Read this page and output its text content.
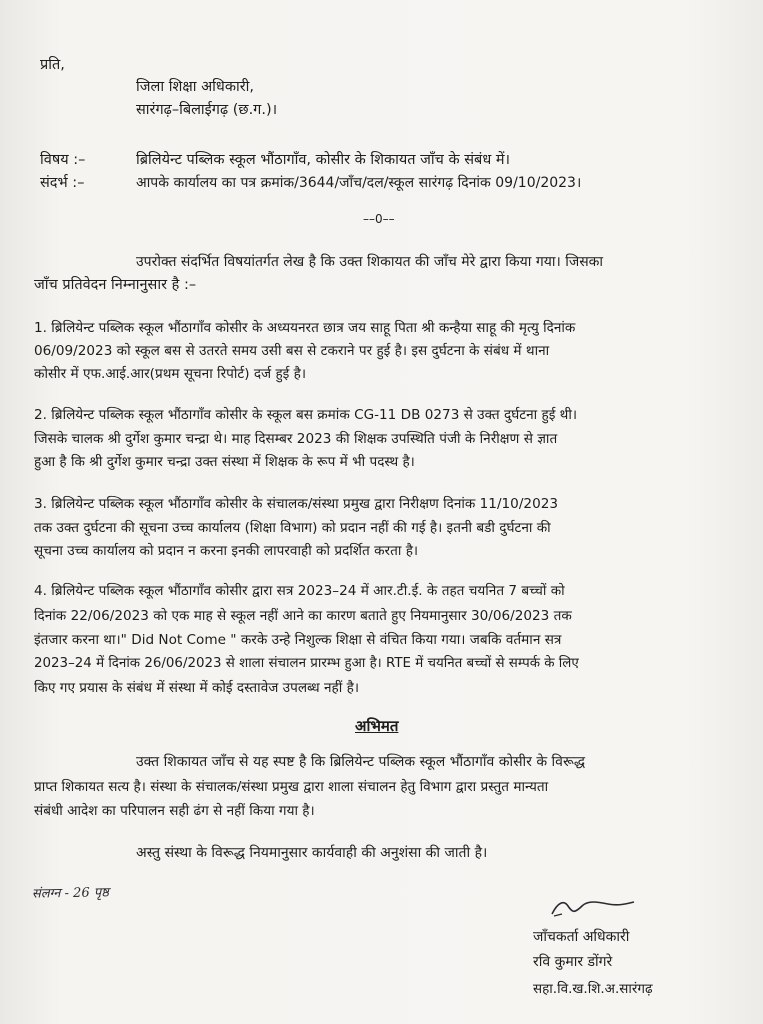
प्रति,
जिला शिक्षा अधिकारी,
सारंगढ़–बिलाईगढ़ (छ.ग.)।
विषय :–	ब्रिलियेन्ट पब्लिक स्कूल भौंठागाँव, कोसीर के शिकायत जाँच के संबंध में।
संदर्भ :–	आपके कार्यालय का पत्र क्रमांक/3644/जाँच/दल/स्कूल सारंगढ़ दिनांक 09/10/2023।
––0––
उपरोक्त संदर्भित विषयांतर्गत लेख है कि उक्त शिकायत की जाँच मेरे द्वारा किया गया। जिसका
जाँच प्रतिवेदन निम्नानुसार है :–
1. ब्रिलियेन्ट पब्लिक स्कूल भौंठागाँव कोसीर के अध्ययनरत छात्र जय साहू पिता श्री कन्हैया साहू की मृत्यु दिनांक
06/09/2023 को स्कूल बस से उतरते समय उसी बस से टकराने पर हुई है। इस दुर्घटना के संबंध में थाना
कोसीर में एफ.आई.आर(प्रथम सूचना रिपोर्ट) दर्ज हुई है।
2. ब्रिलियेन्ट पब्लिक स्कूल भौंठागाँव कोसीर के स्कूल बस क्रमांक CG-11 DB 0273 से उक्त दुर्घटना हुई थी।
जिसके चालक श्री दुर्गेश कुमार चन्द्रा थे। माह दिसम्बर 2023 की शिक्षक उपस्थिति पंजी के निरीक्षण से ज्ञात
हुआ है कि श्री दुर्गेश कुमार चन्द्रा उक्त संस्था में शिक्षक के रूप में भी पदस्थ है।
3. ब्रिलियेन्ट पब्लिक स्कूल भौंठागाँव कोसीर के संचालक/संस्था प्रमुख द्वारा निरीक्षण दिनांक 11/10/2023
तक उक्त दुर्घटना की सूचना उच्च कार्यालय (शिक्षा विभाग) को प्रदान नहीं की गई है। इतनी बडी दुर्घटना की
सूचना उच्च कार्यालय को प्रदान न करना इनकी लापरवाही को प्रदर्शित करता है।
4. ब्रिलियेन्ट पब्लिक स्कूल भौंठागाँव कोसीर द्वारा सत्र 2023–24 में आर.टी.ई. के तहत चयनित 7 बच्चों को
दिनांक 22/06/2023 को एक माह से स्कूल नहीं आने का कारण बताते हुए नियमानुसार 30/06/2023 तक
इंतजार करना था।" Did Not Come " करके उन्हे निशुल्क शिक्षा से वंचित किया गया। जबकि वर्तमान सत्र
2023–24 में दिनांक 26/06/2023 से शाला संचालन प्रारम्भ हुआ है। RTE में चयनित बच्चों से सम्पर्क के लिए
किए गए प्रयास के संबंध में संस्था में कोई दस्तावेज उपलब्ध नहीं है।
अभिमत
उक्त शिकायत जाँच से यह स्पष्ट है कि ब्रिलियेन्ट पब्लिक स्कूल भौंठागाँव कोसीर के विरूद्ध
प्राप्त शिकायत सत्य है। संस्था के संचालक/संस्था प्रमुख द्वारा शाला संचालन हेतु विभाग द्वारा प्रस्तुत मान्यता
संबंधी आदेश का परिपालन सही ढंग से नहीं किया गया है।
अस्तु संस्था के विरूद्ध नियमानुसार कार्यवाही की अनुशंसा की जाती है।
संलग्न - 26 पृष्ठ
जाँचकर्ता अधिकारी
रवि कुमार डोंगरे
सहा.वि.ख.शि.अ.सारंगढ़
